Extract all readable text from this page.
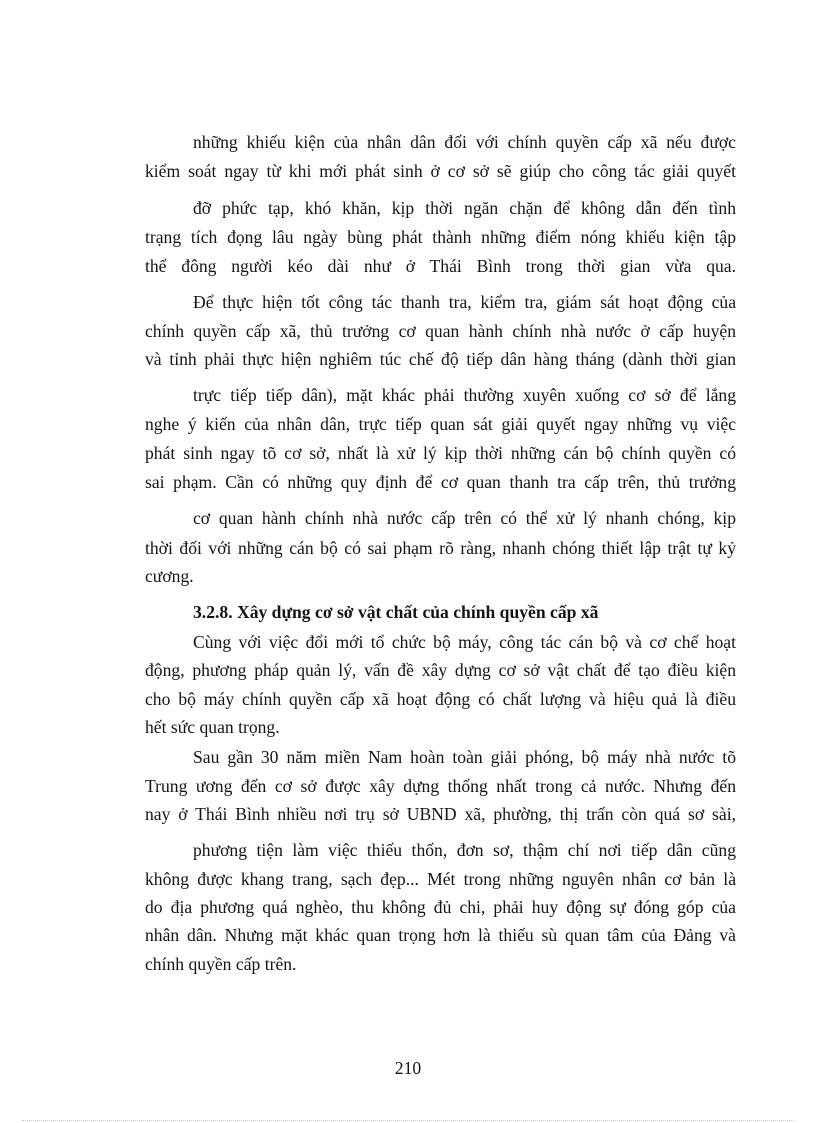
những khiếu kiện của nhân dân đối với chính quyền cấp xã nếu được
kiểm soát ngay từ khi mới phát sinh ở cơ sở sẽ giúp cho công tác giải quyết
đỡ phức tạp, khó khăn, kịp thời ngăn chặn để không dẫn đến tình
trạng tích đọng lâu ngày bùng phát thành những điểm nóng khiếu kiện tập
thể đông người kéo dài như ở Thái Bình trong thời gian vừa qua.
Để thực hiện tốt công tác thanh tra, kiểm tra, giám sát hoạt động của
chính quyền cấp xã, thủ trưởng cơ quan hành chính nhà nước ở cấp huyện
và tỉnh phải thực hiện nghiêm túc chế độ tiếp dân hàng tháng (dành thời gian
trực tiếp tiếp dân), mặt khác phải thường xuyên xuống cơ sở để lắng
nghe ý kiến của nhân dân, trực tiếp quan sát giải quyết ngay những vụ việc
phát sinh ngay tõ cơ sở, nhất là xử lý kịp thời những cán bộ chính quyền có
sai phạm. Cần có những quy định để cơ quan thanh tra cấp trên, thủ trưởng
cơ quan hành chính nhà nước cấp trên có thể xử lý nhanh chóng, kịp
thời đối với những cán bộ có sai phạm rõ ràng, nhanh chóng thiết lập trật tự kỷ
cương.
3.2.8. Xây dựng cơ sở vật chất của chính quyền cấp xã
Cùng với việc đổi mới tổ chức bộ máy, công tác cán bộ và cơ chế hoạt
động, phương pháp quản lý, vấn đề xây dựng cơ sở vật chất để tạo điều kiện
cho bộ máy chính quyền cấp xã hoạt động có chất lượng và hiệu quả là điều
hết sức quan trọng.
Sau gần 30 năm miền Nam hoàn toàn giải phóng, bộ máy nhà nước tõ
Trung ương đến cơ sở được xây dựng thống nhất trong cả nước. Nhưng đến
nay ở Thái Bình nhiều nơi trụ sở UBND xã, phường, thị trấn còn quá sơ sài,
phương tiện làm việc thiếu thốn, đơn sơ, thậm chí nơi tiếp dân cũng
không được khang trang, sạch đẹp... Mét trong những nguyên nhân cơ bản là
do địa phương quá nghèo, thu không đủ chi, phải huy động sự đóng góp của
nhân dân. Nhưng mặt khác quan trọng hơn là thiếu sù quan tâm của Đảng và
chính quyền cấp trên.
210
